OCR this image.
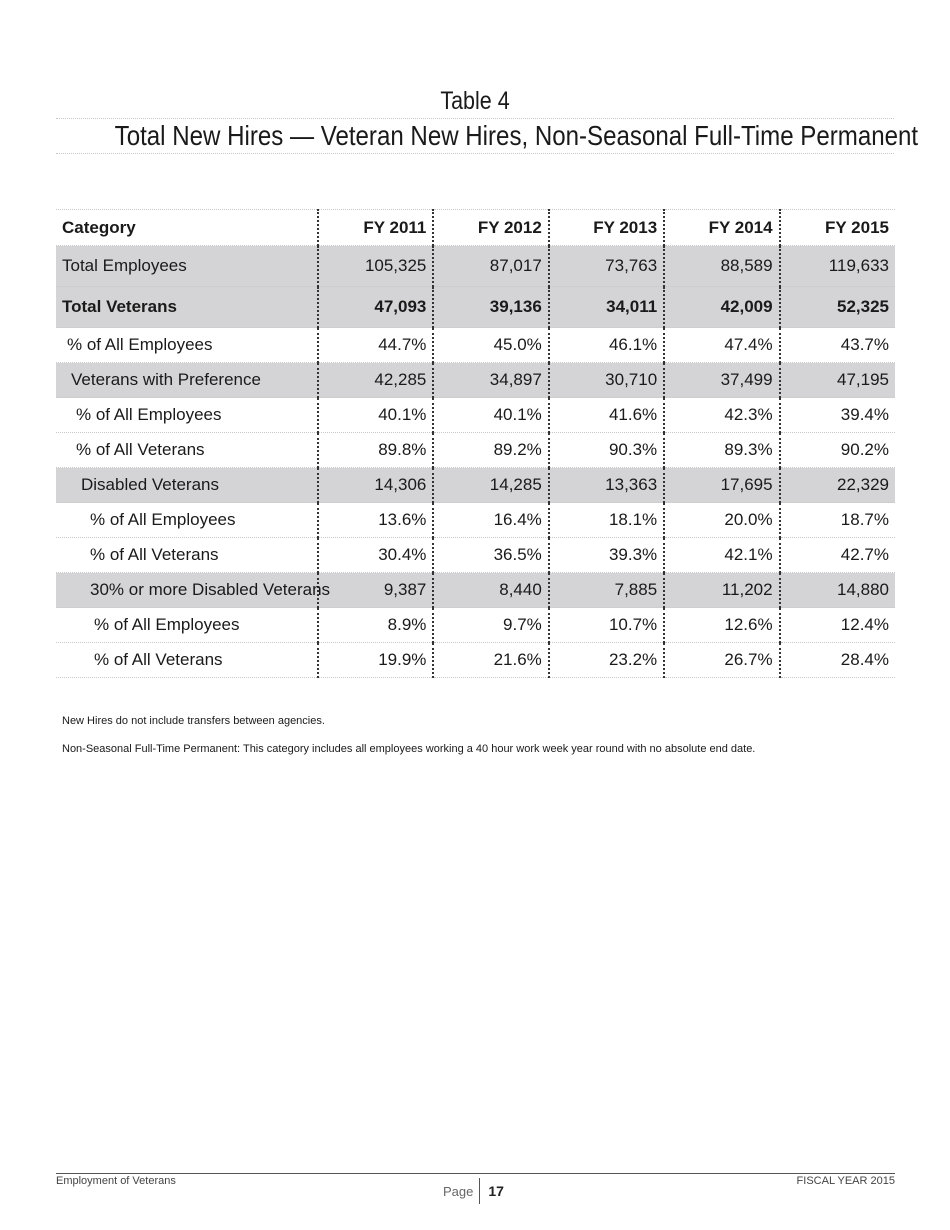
Table 4
Total New Hires — Veteran New Hires, Non-Seasonal Full-Time Permanent
Category	FY 2011	FY 2012	FY 2013	FY 2014	FY 2015
Total Employees	105,325	87,017	73,763	88,589	119,633
Total Veterans	47,093	39,136	34,011	42,009	52,325
% of All Employees	44.7%	45.0%	46.1%	47.4%	43.7%
Veterans with Preference	42,285	34,897	30,710	37,499	47,195
% of All Employees	40.1%	40.1%	41.6%	42.3%	39.4%
% of All Veterans	89.8%	89.2%	90.3%	89.3%	90.2%
Disabled Veterans	14,306	14,285	13,363	17,695	22,329
% of All Employees	13.6%	16.4%	18.1%	20.0%	18.7%
% of All Veterans	30.4%	36.5%	39.3%	42.1%	42.7%
30% or more Disabled Veterans	9,387	8,440	7,885	11,202	14,880
% of All Employees	8.9%	9.7%	10.7%	12.6%	12.4%
% of All Veterans	19.9%	21.6%	23.2%	26.7%	28.4%

New Hires do not include transfers between agencies.

Non-Seasonal Full-Time Permanent: This category includes all employees working a 40 hour work week year round with no absolute end date.

Employment of Veterans
Page 17
FISCAL YEAR 2015
